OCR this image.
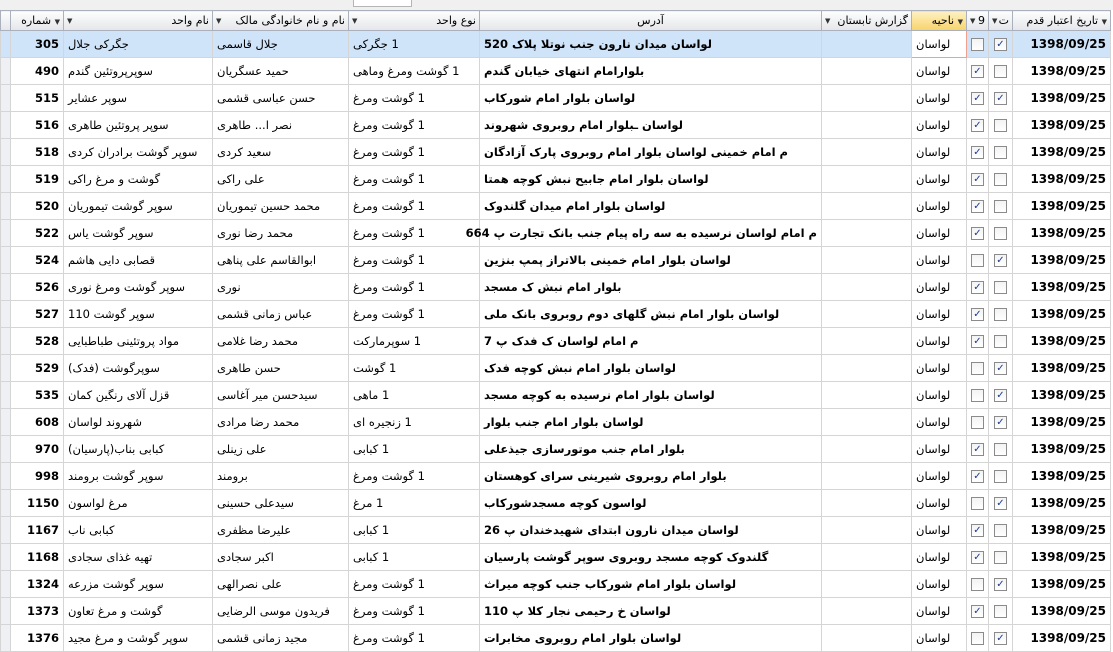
	شماره ▼	▼ نام واحد	▼ نام و نام خانوادگی مالک	▼ نوع واحد	آدرس	▼ گزارش تابستان	ناحیه ▼	▼ 9	▼ ت	تاریخ اعتبار قدم ▼
	305	جگرکی جلال	جلال قاسمی	1 جگرکی	لواسان میدان نارون جنب نوتلا پلاک 520		لواسان		✓	1398/09/25
	490	سوپرپروتئین گندم	حمید عسگریان	1 گوشت ومرغ وماهی	بلوارامام انتهای خیابان گندم		لواسان	✓		1398/09/25
	515	سوپر عشایر	حسن عباسی قشمی	1 گوشت ومرغ	لواسان بلوار امام شورکاب		لواسان	✓	✓	1398/09/25
	516	سوپر پروتئین طاهری	نصر ا... طاهری	1 گوشت ومرغ	لواسان ـبلوار امام روبروی شهروند		لواسان	✓		1398/09/25
	518	سوپر گوشت برادران کردی	سعید کردی	1 گوشت ومرغ	م امام خمینی لواسان بلوار امام روبروی پارک آزادگان		لواسان	✓		1398/09/25
	519	گوشت و مرغ راکی	علی راکی	1 گوشت ومرغ	لواسان بلوار امام جابیح نبش کوچه همتا		لواسان	✓		1398/09/25
	520	سوپر گوشت تیموریان	محمد حسین تیموریان	1 گوشت ومرغ	لواسان بلوار امام میدان گلندوک		لواسان	✓		1398/09/25
	522	سوپر گوشت یاس	محمد رضا نوری	1 گوشت ومرغ	م امام لواسان نرسیده به سه راه پیام جنب بانک تجارت پ 664		لواسان	✓		1398/09/25
	524	قصابی دایی هاشم	ابوالقاسم علی پناهی	1 گوشت ومرغ	لواسان بلوار امام خمینی بالاتراز پمپ بنزین		لواسان		✓	1398/09/25
	526	سوپر گوشت ومرغ نوری	نوری	1 گوشت ومرغ	بلوار امام نبش ک مسجد		لواسان	✓		1398/09/25
	527	سوپر گوشت 110	عباس زمانی قشمی	1 گوشت ومرغ	لواسان بلوار امام نبش گلهای دوم روبروی بانک ملی		لواسان	✓		1398/09/25
	528	مواد پروتئینی طباطبایی	محمد رضا غلامی	1 سوپرمارکت	م امام لواسان ک فدک پ 7		لواسان	✓		1398/09/25
	529	سوپرگوشت (فدک)	حسن طاهری	1 گوشت	لواسان بلوار امام نبش کوچه فدک		لواسان		✓	1398/09/25
	535	قزل آلای رنگین کمان	سیدحسن میر آغاسی	1 ماهی	لواسان بلوار امام نرسیده به کوچه مسجد		لواسان		✓	1398/09/25
	608	شهروند لواسان	محمد رضا مرادی	1 زنجیره ای	لواسان بلوار امام جنب بلوار		لواسان		✓	1398/09/25
	970	کبابی بناب(پارسیان)	علی زینلی	1 کبابی	بلوار امام جنب موتورسازی جیذعلی		لواسان	✓		1398/09/25
	998	سوپر گوشت برومند	برومند	1 گوشت ومرغ	بلوار امام روبروی شیرینی سرای کوهستان		لواسان	✓		1398/09/25
	1150	مرغ لواسون	سیدعلی حسینی	1 مرغ	لواسون کوچه مسجدشورکاب		لواسان		✓	1398/09/25
	1167	کبابی ناب	علیرضا مظفری	1 کبابی	لواسان میدان نارون ابتدای شهیدخندان پ 26		لواسان	✓		1398/09/25
	1168	تهیه غذای سجادی	اکبر سجادی	1 کبابی	گلندوک کوچه مسجد روبروی سوپر گوشت پارسیان		لواسان	✓		1398/09/25
	1324	سوپر گوشت مزرعه	علی نصرالهی	1 گوشت ومرغ	لواسان بلوار امام شورکاب جنب کوچه میراث		لواسان		✓	1398/09/25
	1373	گوشت و مرغ تعاون	فریدون موسی الرضایی	1 گوشت ومرغ	لواسان خ رحیمی نجار کلا پ 110		لواسان	✓		1398/09/25
	1376	سوپر گوشت و مرغ مجید	مجید زمانی قشمی	1 گوشت ومرغ	لواسان بلوار امام روبروی مخابرات		لواسان		✓	1398/09/25
